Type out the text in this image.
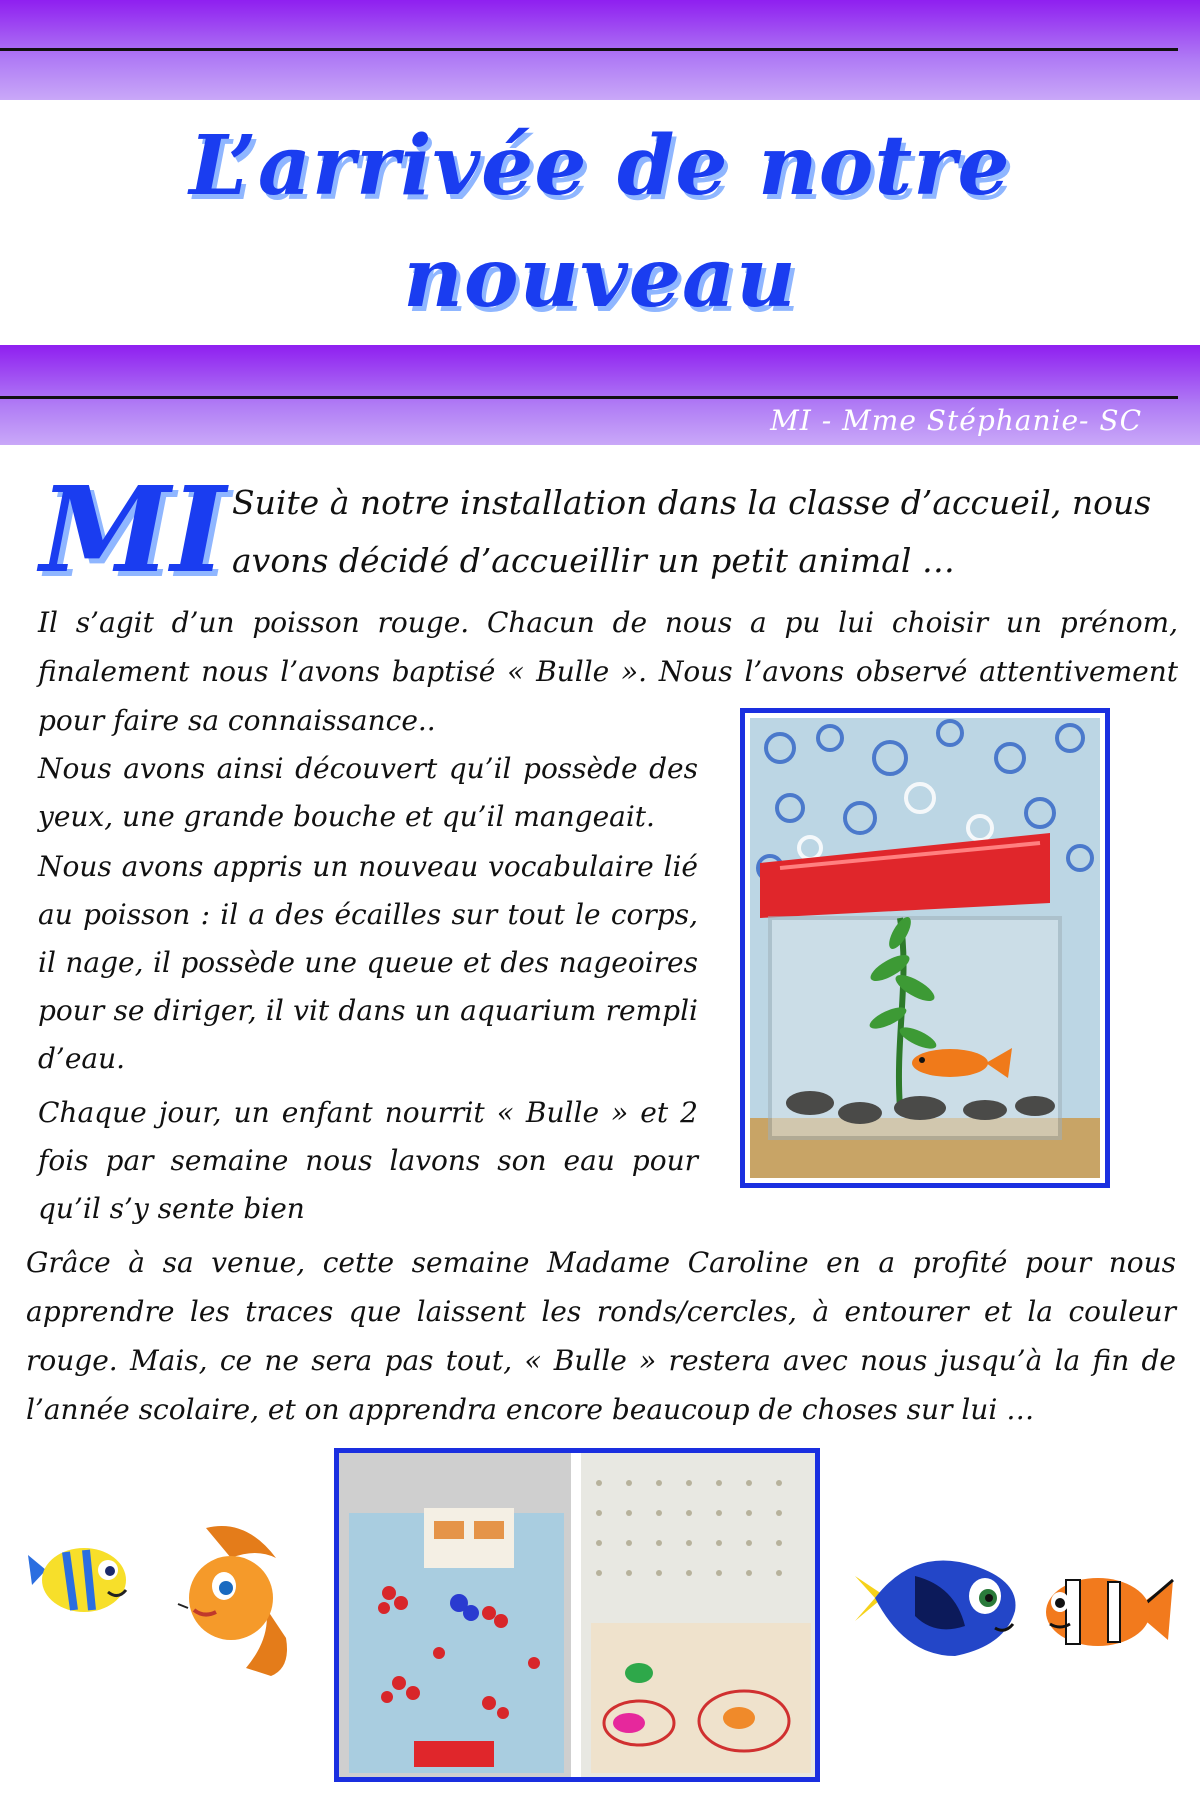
L’arrivée de notre nouveau
MI - Mme Stéphanie- SC
MI Suite à notre installation dans la classe d’accueil, nous avons décidé d’accueillir un petit animal …
Il s’agit d’un poisson rouge. Chacun de nous a pu lui choisir un prénom, finalement nous l’avons baptisé « Bulle ». Nous l’avons observé attentivement pour faire sa connaissance..
Nous avons ainsi découvert qu’il possède des yeux, une grande bouche et qu’il mangeait.
Nous avons appris un nouveau vocabulaire lié au poisson : il a des écailles sur tout le corps, il nage, il possède une queue et des nageoires pour se diriger, il vit dans un aquarium rempli d’eau.
Chaque jour, un enfant nourrit « Bulle » et 2 fois par semaine nous lavons son eau pour qu’il s’y sente bien
Grâce à sa venue, cette semaine Madame Caroline en a profité pour nous apprendre les traces que laissent les ronds/cercles, à entourer et la couleur rouge. Mais, ce ne sera pas tout, « Bulle » restera avec nous jusqu’à la fin de l’année scolaire, et on apprendra encore beaucoup de choses sur lui …
